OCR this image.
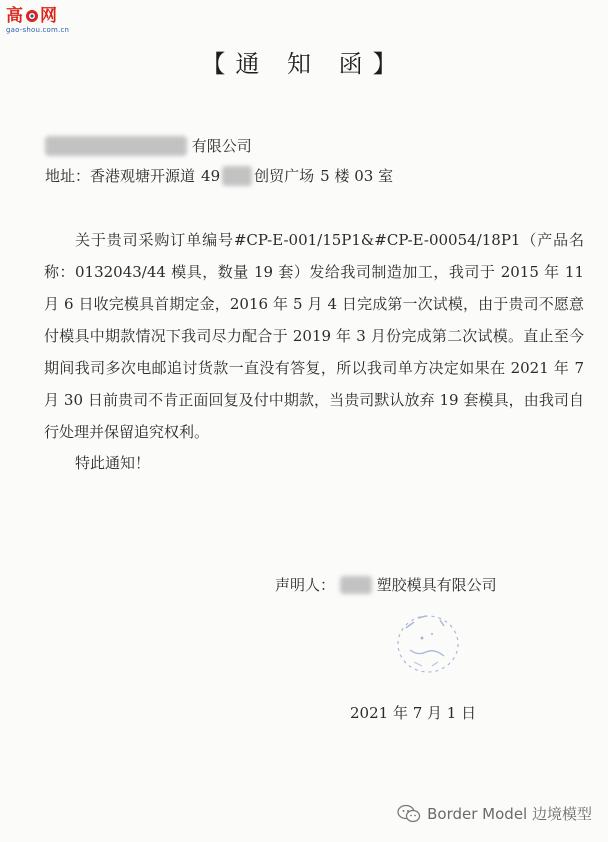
高 网
gao-shou.com.cn
【通 知 函】
有限公司
地址：香港观塘开源道 49 创贸广场 5 楼 03 室

关于贵司采购订单编号#CP-E-001/15P1&#CP-E-00054/18P1（产品名称：0132043/44 模具，数量 19 套）发给我司制造加工，我司于 2015 年 11 月 6 日收完模具首期定金，2016 年 5 月 4 日完成第一次试模，由于贵司不愿意付模具中期款情况下我司尽力配合于 2019 年 3 月份完成第二次试模。直止至今期间我司多次电邮追讨货款一直没有答复，所以我司单方决定如果在 2021 年 7 月 30 日前贵司不肯正面回复及付中期款，当贵司默认放弃 19 套模具，由我司自行处理并保留追究权利。

特此通知！
声明人：	塑胶模具有限公司
2021 年 7 月 1 日
Border Model 边境模型
